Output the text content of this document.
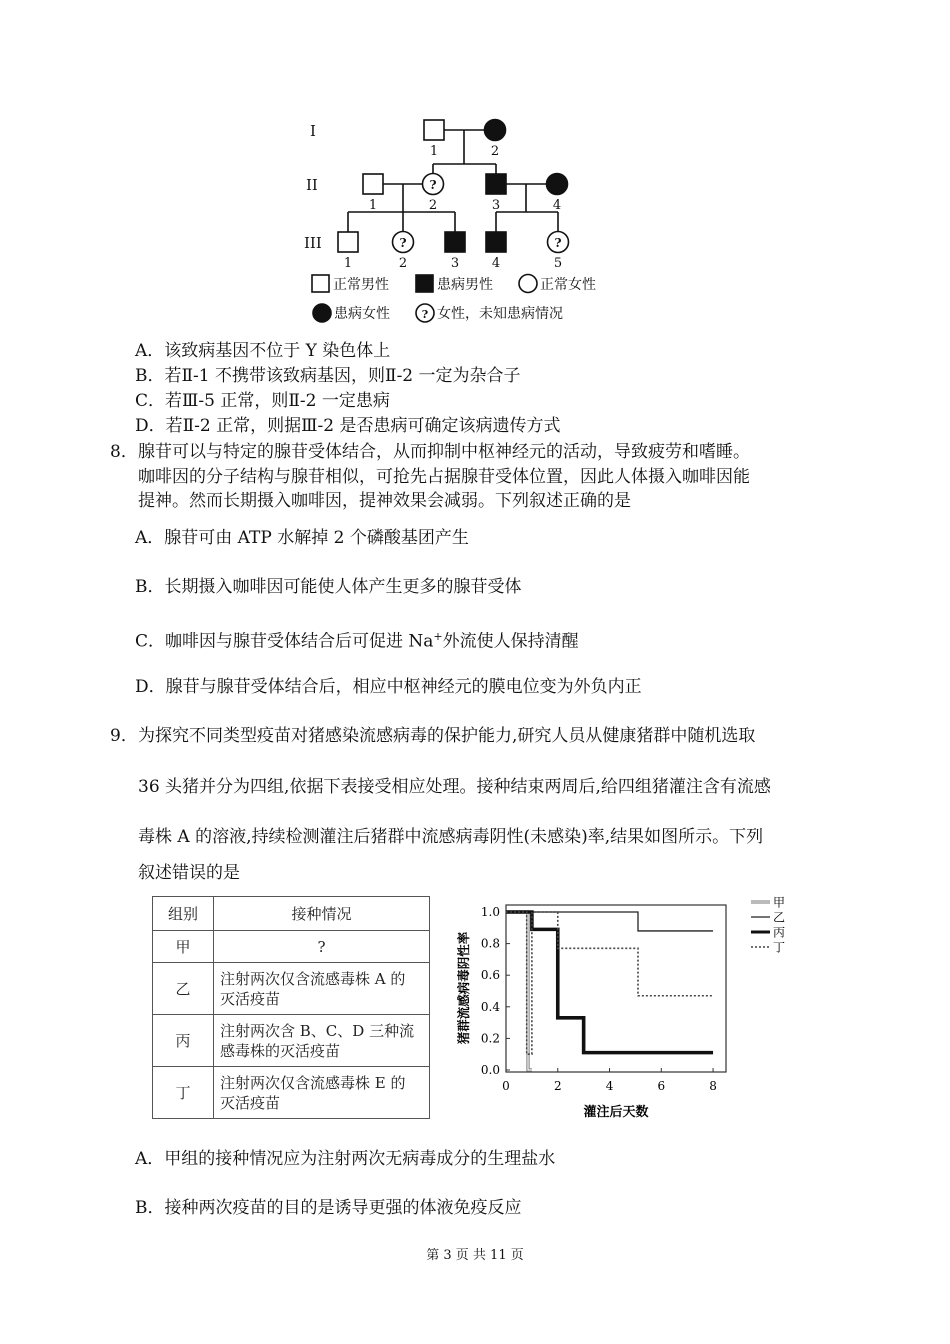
I
II
III
1	2
1	2	3	4
1	2	3	4	5
?
?	?
?
正常男性	患病男性	正常女性
患病女性	女性，未知患病情况
A．该致病基因不位于 Y 染色体上
B．若Ⅱ-1 不携带该致病基因，则Ⅱ-2 一定为杂合子
C．若Ⅲ-5 正常，则Ⅱ-2 一定患病
D．若Ⅱ-2 正常，则据Ⅲ-2 是否患病可确定该病遗传方式
8． 腺苷可以与特定的腺苷受体结合，从而抑制中枢神经元的活动，导致疲劳和嗜睡。
咖啡因的分子结构与腺苷相似，可抢先占据腺苷受体位置，因此人体摄入咖啡因能
提神。然而长期摄入咖啡因，提神效果会减弱。下列叙述正确的是
A．腺苷可由 ATP 水解掉 2 个磷酸基团产生
B．长期摄入咖啡因可能使人体产生更多的腺苷受体
C．咖啡因与腺苷受体结合后可促进 Na+外流使人保持清醒
D．腺苷与腺苷受体结合后，相应中枢神经元的膜电位变为外负内正
9． 为探究不同类型疫苗对猪感染流感病毒的保护能力,研究人员从健康猪群中随机选取
36 头猪并分为四组,依据下表接受相应处理。接种结束两周后,给四组猪灌注含有流感
毒株 A 的溶液,持续检测灌注后猪群中流感病毒阴性(未感染)率,结果如图所示。下列
叙述错误的是
组别	接种情况
甲	?
乙	注射两次仅含流感毒株 A 的
灭活疫苗

丙	注射两次含 B、C、D 三种流
感毒株的灭活疫苗

丁	注射两次仅含流感毒株 E 的
灭活疫苗
0.0
0.2
0.4
0.6
0.8
1.0
0	2	4	6	8
甲
乙
丙
丁
灌注后天数
猪群流感病毒阴性率
A．甲组的接种情况应为注射两次无病毒成分的生理盐水
B．接种两次疫苗的目的是诱导更强的体液免疫反应
第 3 页 共 11 页
